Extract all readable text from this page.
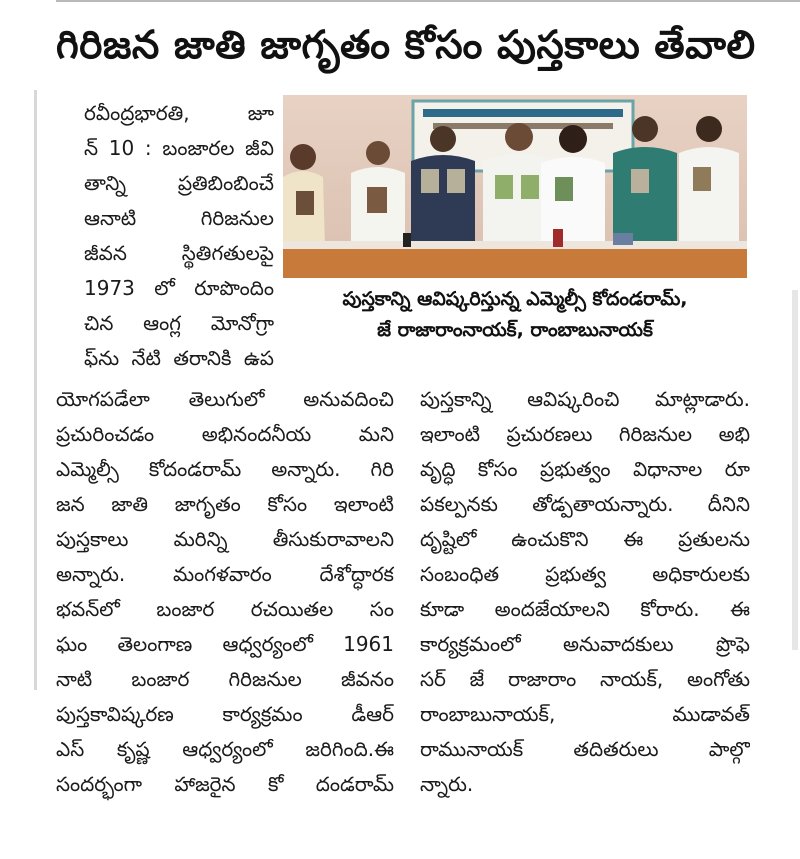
గిరిజన జాతి జాగృతం కోసం పుస్తకాలు తేవాలి
పుస్తకాన్ని ఆవిష్కరిస్తున్న ఎమ్మెల్సీ కోదండరామ్,
జే రాజారాంనాయక్, రాంబాబునాయక్
రవీంద్రభారతి, జూ
న్ 10 : బంజారల జీవి
తాన్ని ప్రతిబింబించే
ఆనాటి గిరిజనుల
జీవన స్థితిగతులపై
1973 లో రూపొందిం
చిన ఆంగ్ల మోనోగ్రా
ఫ్‌ను నేటి తరానికి ఉప
యోగపడేలా తెలుగులో అనువదించి
ప్రచురించడం అభినందనీయ మని
ఎమ్మెల్సీ కోదండరామ్ అన్నారు. గిరి
జన జాతి జాగృతం కోసం ఇలాంటి
పుస్తకాలు మరిన్ని తీసుకురావాలని
అన్నారు. మంగళవారం దేశోద్ధారక
భవన్‌లో బంజార రచయితల సం
ఘం తెలంగాణ ఆధ్వర్యంలో 1961
నాటి బంజార గిరిజనుల జీవనం
పుస్తకావిష్కరణ కార్యక్రమం డీఆర్
ఎస్ కృష్ణ ఆధ్వర్యంలో జరిగింది.ఈ
సందర్భంగా హాజరైన కో దండరామ్
పుస్తకాన్ని ఆవిష్కరించి మాట్లాడారు.
ఇలాంటి ప్రచురణలు గిరిజనుల అభి
వృద్ధి కోసం ప్రభుత్వం విధానాల రూ
పకల్పనకు తోడ్పతాయన్నారు. దీనిని
దృష్టిలో ఉంచుకొని ఈ ప్రతులను
సంబంధిత ప్రభుత్వ అధికారులకు
కూడా అందజేయాలని కోరారు. ఈ
కార్యక్రమంలో అనువాదకులు ప్రొఫె
సర్ జే రాజారాం నాయక్, అంగోతు
రాంబాబునాయక్, ముడావత్
రామునాయక్ తదితరులు పాల్గొ
న్నారు.
